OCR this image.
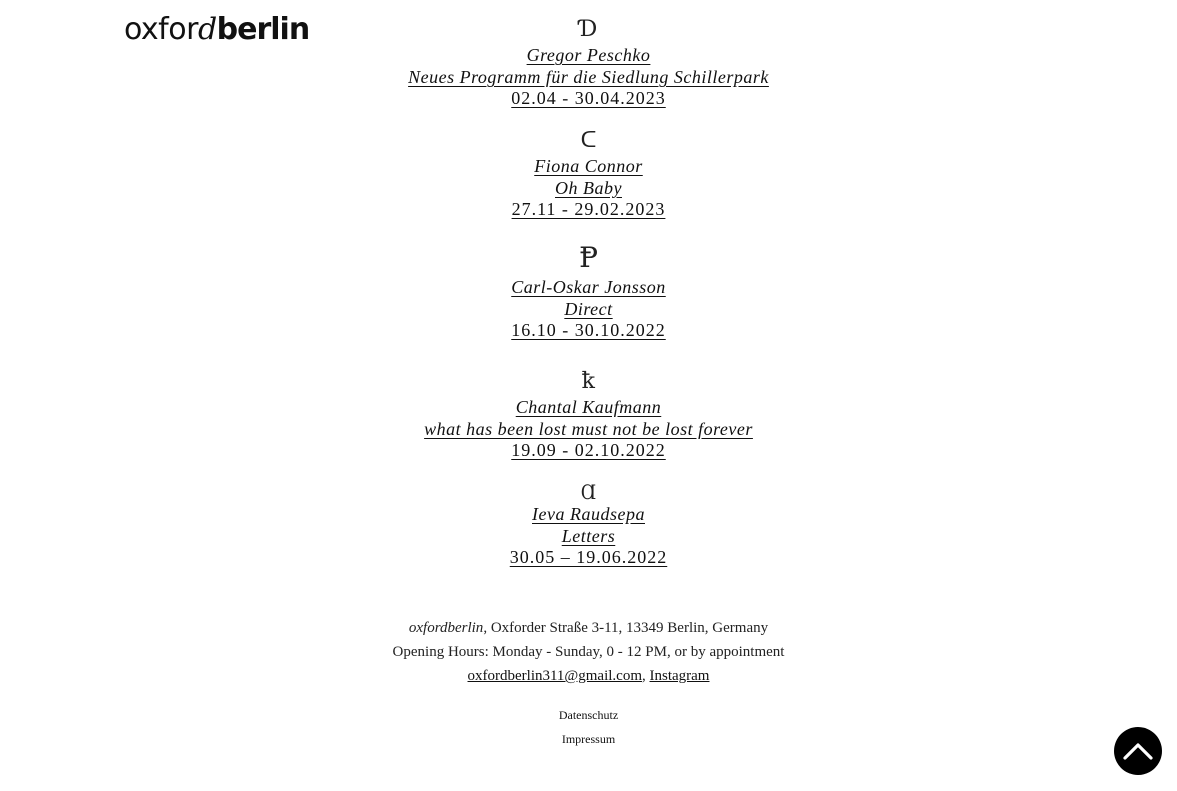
oxfordberlin	Ɗ
Gregor Peschko
Neues Programm für die Siedlung Schillerpark
02.04 - 30.04.2023
ᑕ
Fiona Connor
Oh Baby
27.11 - 29.02.2023
Ᵽ
Carl-Oskar Jonsson
Direct
16.10 - 30.10.2022
ꝁ
Chantal Kaufmann
what has been lost must not be lost forever
19.09 - 02.10.2022
Ɑ
Ieva Raudsepa
Letters
30.05 – 19.06.2022
oxfordberlin, Oxforder Straße 3-11, 13349 Berlin, Germany
Opening Hours: Monday - Sunday, 0 - 12 PM, or by appointment
oxfordberlin311@gmail.com, Instagram
Datenschutz
Impressum
